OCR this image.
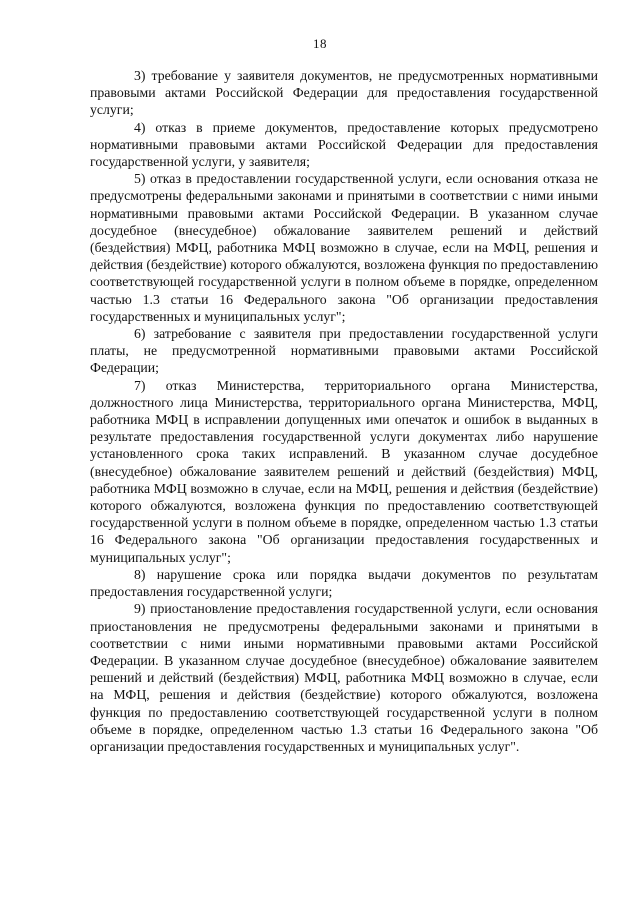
18

3) требование у заявителя документов, не предусмотренных нормативными правовыми актами Российской Федерации для предоставления государственной услуги;

4) отказ в приеме документов, предоставление которых предусмотрено нормативными правовыми актами Российской Федерации для предоставления государственной услуги, у заявителя;

5) отказ в предоставлении государственной услуги, если основания отказа не предусмотрены федеральными законами и принятыми в соответствии с ними иными нормативными правовыми актами Российской Федерации. В указанном случае досудебное (внесудебное) обжалование заявителем решений и действий (бездействия) МФЦ, работника МФЦ возможно в случае, если на МФЦ, решения и действия (бездействие) которого обжалуются, возложена функция по предоставлению соответствующей государственной услуги в полном объеме в порядке, определенном частью 1.3 статьи 16 Федерального закона "Об организации предоставления государственных и муниципальных услуг";

6) затребование с заявителя при предоставлении государственной услуги платы, не предусмотренной нормативными правовыми актами Российской Федерации;

7) отказ Министерства, территориального органа Министерства, должностного лица Министерства, территориального органа Министерства, МФЦ, работника МФЦ в исправлении допущенных ими опечаток и ошибок в выданных в результате предоставления государственной услуги документах либо нарушение установленного срока таких исправлений. В указанном случае досудебное (внесудебное) обжалование заявителем решений и действий (бездействия) МФЦ, работника МФЦ возможно в случае, если на МФЦ, решения и действия (бездействие) которого обжалуются, возложена функция по предоставлению соответствующей государственной услуги в полном объеме в порядке, определенном частью 1.3 статьи 16 Федерального закона "Об организации предоставления государственных и муниципальных услуг";

8) нарушение срока или порядка выдачи документов по результатам предоставления государственной услуги;

9) приостановление предоставления государственной услуги, если основания приостановления не предусмотрены федеральными законами и принятыми в соответствии с ними иными нормативными правовыми актами Российской Федерации. В указанном случае досудебное (внесудебное) обжалование заявителем решений и действий (бездействия) МФЦ, работника МФЦ возможно в случае, если на МФЦ, решения и действия (бездействие) которого обжалуются, возложена функция по предоставлению соответствующей государственной услуги в полном объеме в порядке, определенном частью 1.3 статьи 16 Федерального закона "Об организации предоставления государственных и муниципальных услуг".
